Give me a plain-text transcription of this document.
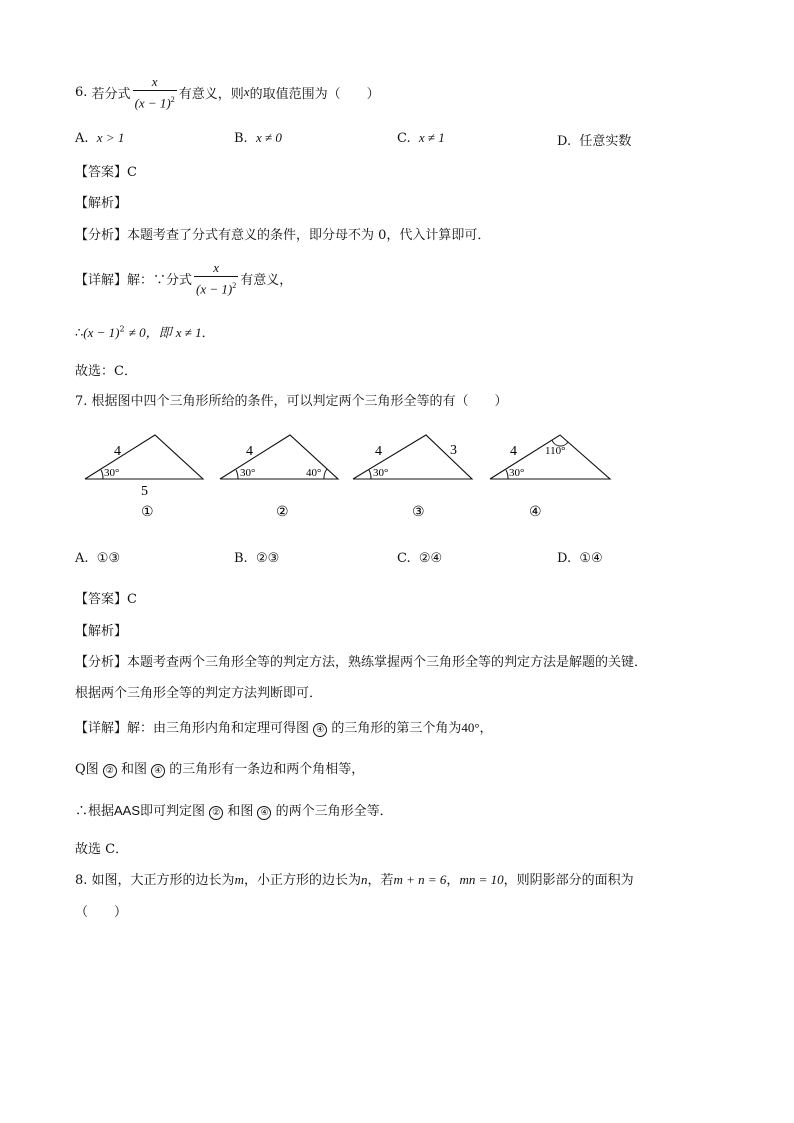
6.
若分式 $\frac{x}{(x - 1)^2}$ 有意义，则 x 的取值范围为（　　）
A. x > 1	B. x ≠ 0	C. x ≠ 1	D. 任意实数
【答案】C
【解析】
【分析】本题考查了分式有意义的条件，即分母不为 0，代入计算即可．
【详解】 解：∵分式 $\frac{x}{(x - 1)^2}$ 有意义，
∴(x − 1)$^2$ ≠ 0，即 x ≠ 1．
故选：C．
7. 根据图中四个三角形所给的条件，可以判定两个三角形全等的有（　　）
4
30°
5
①
4
30°	40°
②
4	3
30°
③
4
30°
110°
④
A. ①③	B. ②③	C. ②④	D. ①④
【答案】C
【解析】
【分析】本题考查两个三角形全等的判定方法，熟练掌握两个三角形全等的判定方法是解题的关键．
根据两个三角形全等的判定方法判断即可．
【详解】解：由三角形内角和定理可得图 ④ 的三角形的第三个角为40°，
Q图 ② 和图 ④ 的三角形有一条边和两个角相等，
∴根据AAS即可判定图 ② 和图 ④ 的两个三角形全等．
故选 C．
8. 如图，大正方形的边长为m，小正方形的边长为n，若m + n = 6，mn = 10，则阴影部分的面积为
（　　）
